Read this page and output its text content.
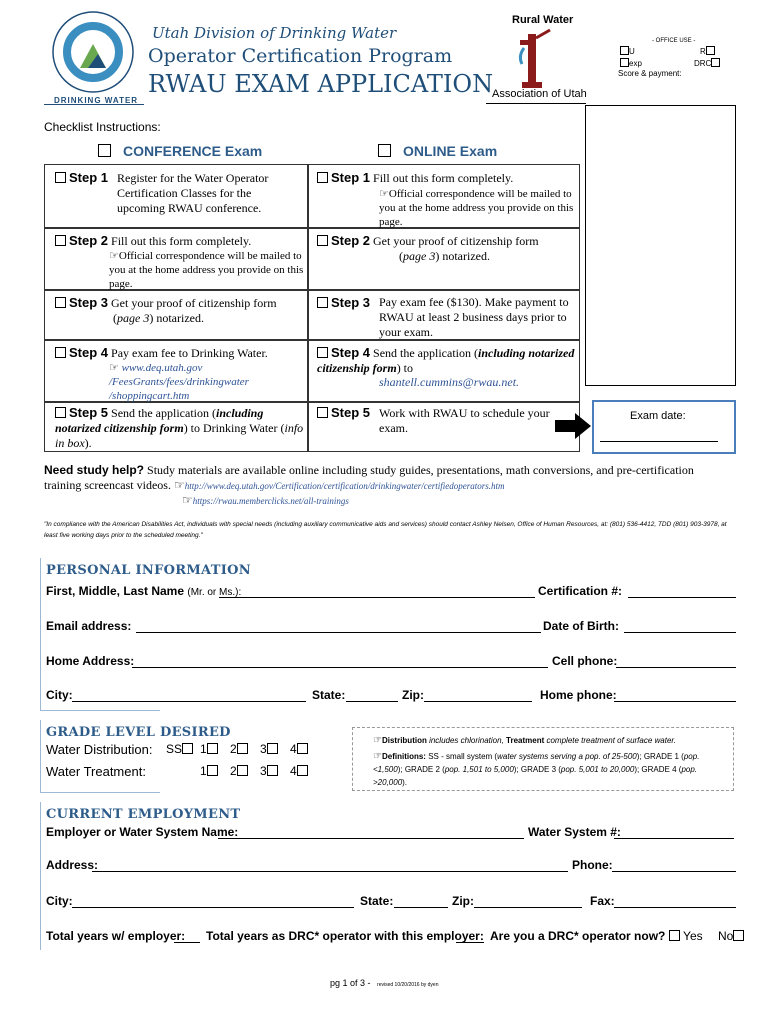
DRINKING WATER
Utah Division of Drinking Water
Operator Certification Program
RWAU EXAM APPLICATION
Rural Water
Association of Utah
- OFFICE USE -
U	R
exp	DRC
Score & payment:
Checklist Instructions:
CONFERENCE Exam	ONLINE Exam
Step 1 Register for the Water Operator Certification Classes for the upcoming RWAU conference.
Step 2 Fill out this form completely.
☞Official correspondence will be mailed to you at the home address you provide on this page.
Step 3 Get your proof of citizenship form
(page 3) notarized.
Step 4 Pay exam fee to Drinking Water.
☞ www.deq.utah.gov /FeesGrants/fees/drinkingwater /shoppingcart.htm
Step 5 Send the application (including notarized citizenship form) to Drinking Water (info in box).
Step 1 Fill out this form completely.
☞Official correspondence will be mailed to you at the home address you provide on this page.
Step 2 Get your proof of citizenship form
(page 3) notarized.
Step 3 Pay exam fee ($130). Make payment to RWAU at least 2 business days prior to your exam.
Step 4 Send the application (including notarized citizenship form) to
shantell.cummins@rwau.net.
Step 5 Work with RWAU to schedule your exam.
Exam date:
Need study help? Study materials are available online including study guides, presentations, math conversions, and pre-certification training screencast videos. ☞http://www.deq.utah.gov/Certification/certification/drinkingwater/certifiedoperators.htm
☞https://rwau.memberclicks.net/all-trainings
"In compliance with the American Disabilities Act, individuals with special needs (including auxiliary communicative aids and services) should contact Ashley Nelsen, Office of Human Resources, at: (801) 536-4412, TDD (801) 903-3978, at least five working days prior to the scheduled meeting."
PERSONAL INFORMATION
First, Middle, Last Name (Mr. or Ms.):	Certification #:
Email address:	Date of Birth:
Home Address:	Cell phone:
City:	State:	Zip:	Home phone:
GRADE LEVEL DESIRED
Water Distribution: SS	1	2	3	4
Water Treatment:	1	2	3	4
☞Distribution includes chlorination, Treatment complete treatment of surface water.
☞Definitions: SS - small system (water systems serving a pop. of 25-500); GRADE 1 (pop. <1,500); GRADE 2 (pop. 1,501 to 5,000); GRADE 3 (pop. 5,001 to 20,000); GRADE 4 (pop. >20,000).
CURRENT EMPLOYMENT
Employer or Water System Name:	Water System #:
Address:	Phone:
City:	State:	Zip:	Fax:
Total years w/ employer: Total years as DRC* operator with this employer: Are you a DRC* operator now? Yes No
pg 1 of 3 - revised 10/20/2016 by dyen
